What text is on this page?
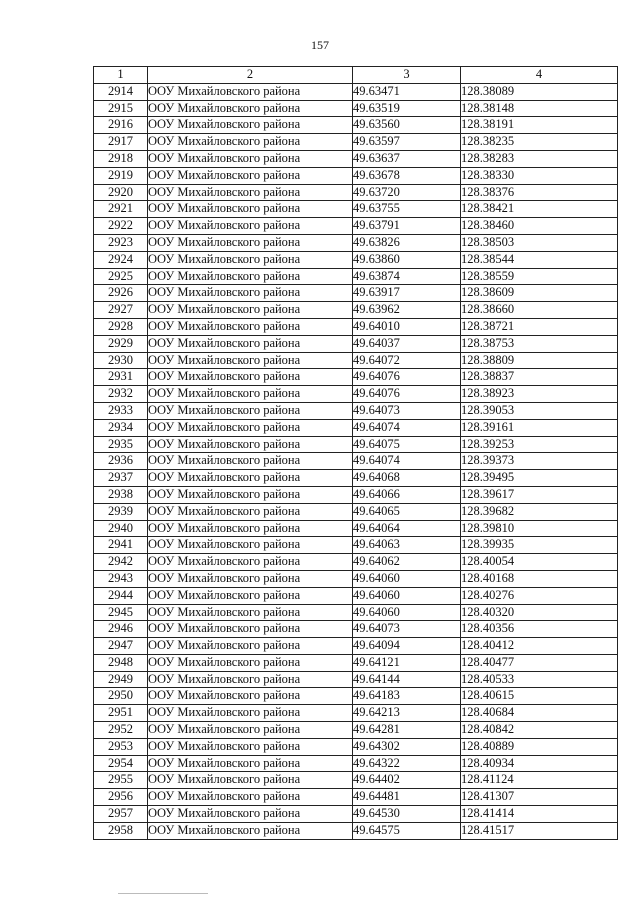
157
1	2	3	4
2914	ООУ Михайловского района	49.63471	128.38089
2915	ООУ Михайловского района	49.63519	128.38148
2916	ООУ Михайловского района	49.63560	128.38191
2917	ООУ Михайловского района	49.63597	128.38235
2918	ООУ Михайловского района	49.63637	128.38283
2919	ООУ Михайловского района	49.63678	128.38330
2920	ООУ Михайловского района	49.63720	128.38376
2921	ООУ Михайловского района	49.63755	128.38421
2922	ООУ Михайловского района	49.63791	128.38460
2923	ООУ Михайловского района	49.63826	128.38503
2924	ООУ Михайловского района	49.63860	128.38544
2925	ООУ Михайловского района	49.63874	128.38559
2926	ООУ Михайловского района	49.63917	128.38609
2927	ООУ Михайловского района	49.63962	128.38660
2928	ООУ Михайловского района	49.64010	128.38721
2929	ООУ Михайловского района	49.64037	128.38753
2930	ООУ Михайловского района	49.64072	128.38809
2931	ООУ Михайловского района	49.64076	128.38837
2932	ООУ Михайловского района	49.64076	128.38923
2933	ООУ Михайловского района	49.64073	128.39053
2934	ООУ Михайловского района	49.64074	128.39161
2935	ООУ Михайловского района	49.64075	128.39253
2936	ООУ Михайловского района	49.64074	128.39373
2937	ООУ Михайловского района	49.64068	128.39495
2938	ООУ Михайловского района	49.64066	128.39617
2939	ООУ Михайловского района	49.64065	128.39682
2940	ООУ Михайловского района	49.64064	128.39810
2941	ООУ Михайловского района	49.64063	128.39935
2942	ООУ Михайловского района	49.64062	128.40054
2943	ООУ Михайловского района	49.64060	128.40168
2944	ООУ Михайловского района	49.64060	128.40276
2945	ООУ Михайловского района	49.64060	128.40320
2946	ООУ Михайловского района	49.64073	128.40356
2947	ООУ Михайловского района	49.64094	128.40412
2948	ООУ Михайловского района	49.64121	128.40477
2949	ООУ Михайловского района	49.64144	128.40533
2950	ООУ Михайловского района	49.64183	128.40615
2951	ООУ Михайловского района	49.64213	128.40684
2952	ООУ Михайловского района	49.64281	128.40842
2953	ООУ Михайловского района	49.64302	128.40889
2954	ООУ Михайловского района	49.64322	128.40934
2955	ООУ Михайловского района	49.64402	128.41124
2956	ООУ Михайловского района	49.64481	128.41307
2957	ООУ Михайловского района	49.64530	128.41414
2958	ООУ Михайловского района	49.64575	128.41517
